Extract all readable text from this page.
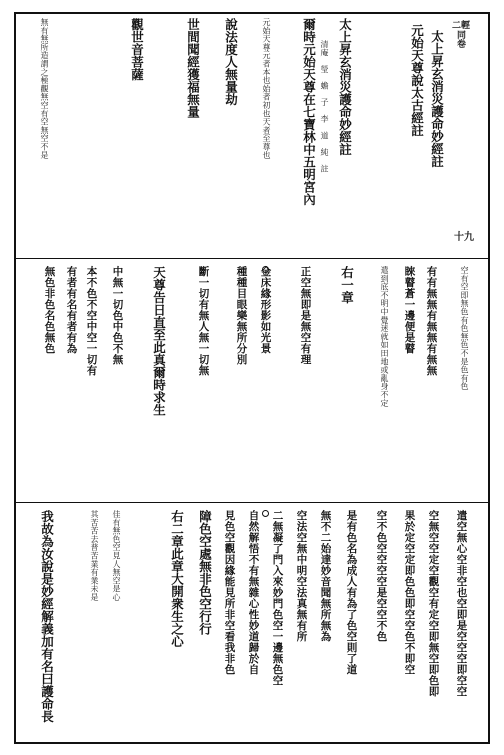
二輕
同卷
十九
太上昇玄消災護命妙經註
元始天尊說太古經註
太上昇玄消災護命妙經註
清庵　瑩　蟾　子　李　道　純　註
爾時元始天尊在七寶林中五明宮內
元始天尊元者本也始者初也天者至尊也
說法度人無量劫
世間聞經獲福無量
觀世音菩薩
無有無所造謂之極觀無空有空無空不是
空有空即無色有色無色不是色有色
有有無無有無無有無無
睞瞽蒼一邊便是瞽
遣到底不明中覺迷就如田地或亂身不定
右一章
正空無即是無空有理
金床緣形影如光景
種種目眼樂無所分別
斷一切有無人無一切無
天尊告日直至此真爾時求生
中無一切色中色不無
本不色不空中空一切有
有者有名有者有為
無色非色名色無色
遣空無心空非空也空即是空空空即空空
空無空空定空觀空有定空即無空即色即
果於定空定即色色即空空色不即空
空不色空空空空是空空不色
是有色名為成人有為了色空則了道
無不二始達妙音聞無所無為
空法空無中明空法真無有所
二無凝了門入來妙門色空一邊無色空
自然解悟不有無雜心性妙道歸於自
見色空觀因緣能見所非空看我非色
障色空處無非色空行行
右二章此章大開衆生之心
佳有無色空見人無空是心
其苦苦去普苦業有業未是
我故為汝說是妙經解義加有名曰護命長
